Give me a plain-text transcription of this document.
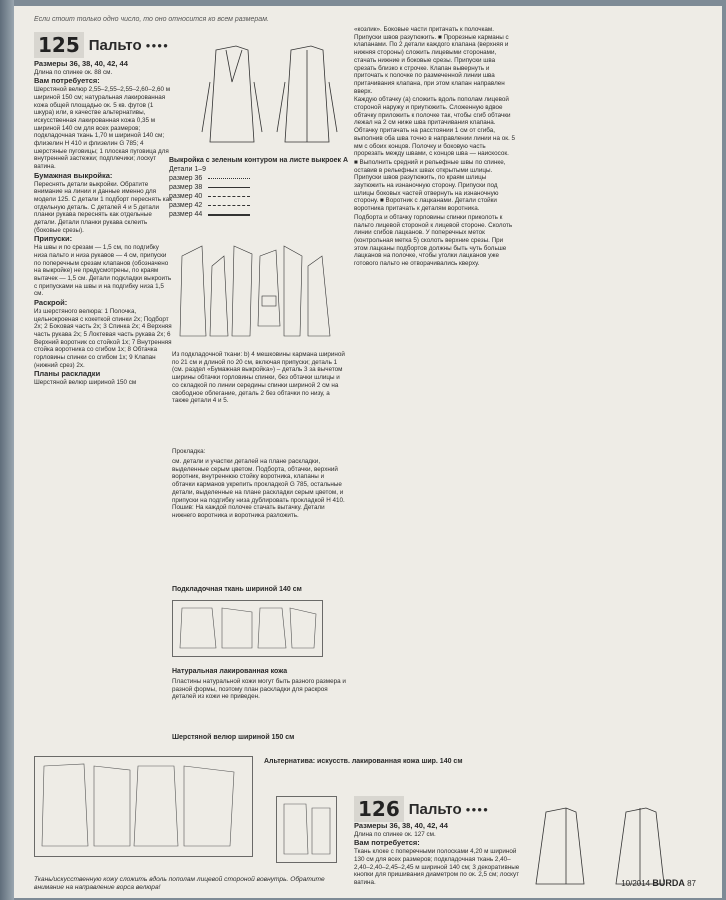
Если стоит только одно число, то оно относится ко всем размерам.
125 Пальто ●●●●

Размеры 36, 38, 40, 42, 44

Длина по спинке ок. 88 см.

Вам потребуется:

Шерстяной велюр 2,55–2,55–2,55–2,60–2,60 м шириной 150 см; натуральная лакированная кожа общей площадью ок. 5 кв. футов (1 шкура) или, в качестве альтернативы, искусственная лакированная кожа 0,35 м шириной 140 см для всех размеров; подкладочная ткань 1,70 м шириной 140 см; флизелин H 410 и флизелин G 785; 4 шерстяные пуговицы; 1 плоская пуговица для внутренней застежки; подплечики; лоскут ватина.

Бумажная выкройка:

Переснять детали выкройки. Обратите внимание на линии и данные именно для модели 125. С детали 1 подборт переснять как отдельную деталь. С деталей 4 и 5 детали планки рукава переснять как отдельные детали. Детали планки рукава склеить (боковые срезы).

Припуски:

На швы и по срезам — 1,5 см, по подгибку низа пальто и низа рукавов — 4 см, припуски по поперечным срезам клапанов (обозначено на выкройке) не предусмотрены, по краям вытачек — 1,5 см. Детали подкладки выкроить с припусками на швы и на подгибку низа 1,5 см.

Раскрой:

Из шерстяного велюра: 1 Полочка, цельнокроеная с кокеткой спинки 2x; Подборт 2x; 2 Боковая часть 2x; 3 Спинка 2x; 4 Верхняя часть рукава 2x; 5 Локтевая часть рукава 2x; 6 Верхний воротник со стойкой 1x; 7 Внутренняя стойка воротника со сгибом 1x; 8 Обтачка горловины спинки со сгибом 1x; 9 Клапан (нижний срез) 2x.

Планы раскладки

Шерстяной велюр шириной 150 см

Выкройка с зеленым контуром на листе выкроек А
Детали 1–9
размер 36
размер 38
размер 40
размер 42
размер 44
Из подкладочной ткани: b) 4 мешковины кармана шириной по 21 см и длиной по 20 см, включая припуски; деталь 1 (см. раздел «Бумажная выкройка») – деталь 3 за вычетом ширины обтачки горловины спинки, без обтачки шлицы и со складкой по линии середины спинки шириной 2 см на свободное облегание, деталь 2 без обтачки по низу, а также детали 4 и 5.
Прокладка:
см. детали и участки деталей на плане раскладки, выделенные серым цветом. Подборта, обтачки, верхний воротник, внутреннюю стойку воротника, клапаны и обтачки карманов укрепить прокладкой G 785, остальные детали, выделенные на плане раскладки серым цветом, и припуски на подгибку низа дублировать прокладкой H 410. Пошив: На каждой полочке стачать вытачку. Детали нижнего воротника и воротника разложить.
Подкладочная ткань шириной 140 см
Натуральная лакированная кожа
Пластины натуральной кожи могут быть разного размера и разной формы, поэтому план раскладки для раскроя деталей из кожи не приведен.
Шерстяной велюр шириной 150 см
Альтернатива: искусств. лакированная кожа шир. 140 см
Ткань/искусственную кожу сложить вдоль пополам лицевой стороной вовнутрь. Обратите внимание на направление ворса велюра!

«козлик». Боковые части притачать к полочкам. Припуски швов разутюжить. ■ Прорезные карманы с клапанами. По 2 детали каждого клапана (верхняя и нижняя стороны) сложить лицевыми сторонами, стачать нижние и боковые срезы. Припуски шва срезать близко к строчке. Клапан вывернуть и приточать к полочке по размеченной линии шва притачивания клапана, при этом клапан направлен вверх.

Каждую обтачку (а) сложить вдоль пополам лицевой стороной наружу и приутюжить. Сложенную вдвое обтачку приложить к полочке так, чтобы сгиб обтачки лежал на 2 см ниже шва притачивания клапана. Обтачку притачать на расстоянии 1 см от сгиба, выполнив оба шва точно в направлении линии на ок. 5 мм с обоих концов. Полочку и боковую часть прорезать между швами, с концов шва — наискосок.

■ Выполнить средний и рельефные швы по спинке, оставив в рельефных швах открытыми шлицы. Припуски швов разутюжить, по краям шлицы заутюжить на изнаночную сторону. Припуски под шлицы боковых частей отвернуть на изнаночную сторону. ■ Воротник с лацканами. Детали стойки воротника притачать к деталям воротника.

Подборта и обтачку горловины спинки приколоть к пальто лицевой стороной к лицевой стороне. Сколоть линии сгибов лацканов. У поперечных меток (контрольная метка 5) сколоть верхние срезы. При этом лацканы подбортов должны быть чуть больше лацканов на полочке, чтобы уголки лацканов уже готового пальто не отворачивались кверху.

126 Пальто ●●●●

Размеры 36, 38, 40, 42, 44

Длина по спинке ок. 127 см.

Вам потребуется:

Ткань клоке с поперечными полосками 4,20 м шириной 130 см для всех размеров; подкладочная ткань 2,40–2,40–2,40–2,45–2,45 м шириной 140 см; 3 декоративные кнопки для пришивания диаметром по ок. 2,5 см; лоскут ватина.	10/2014 BURDA 87
